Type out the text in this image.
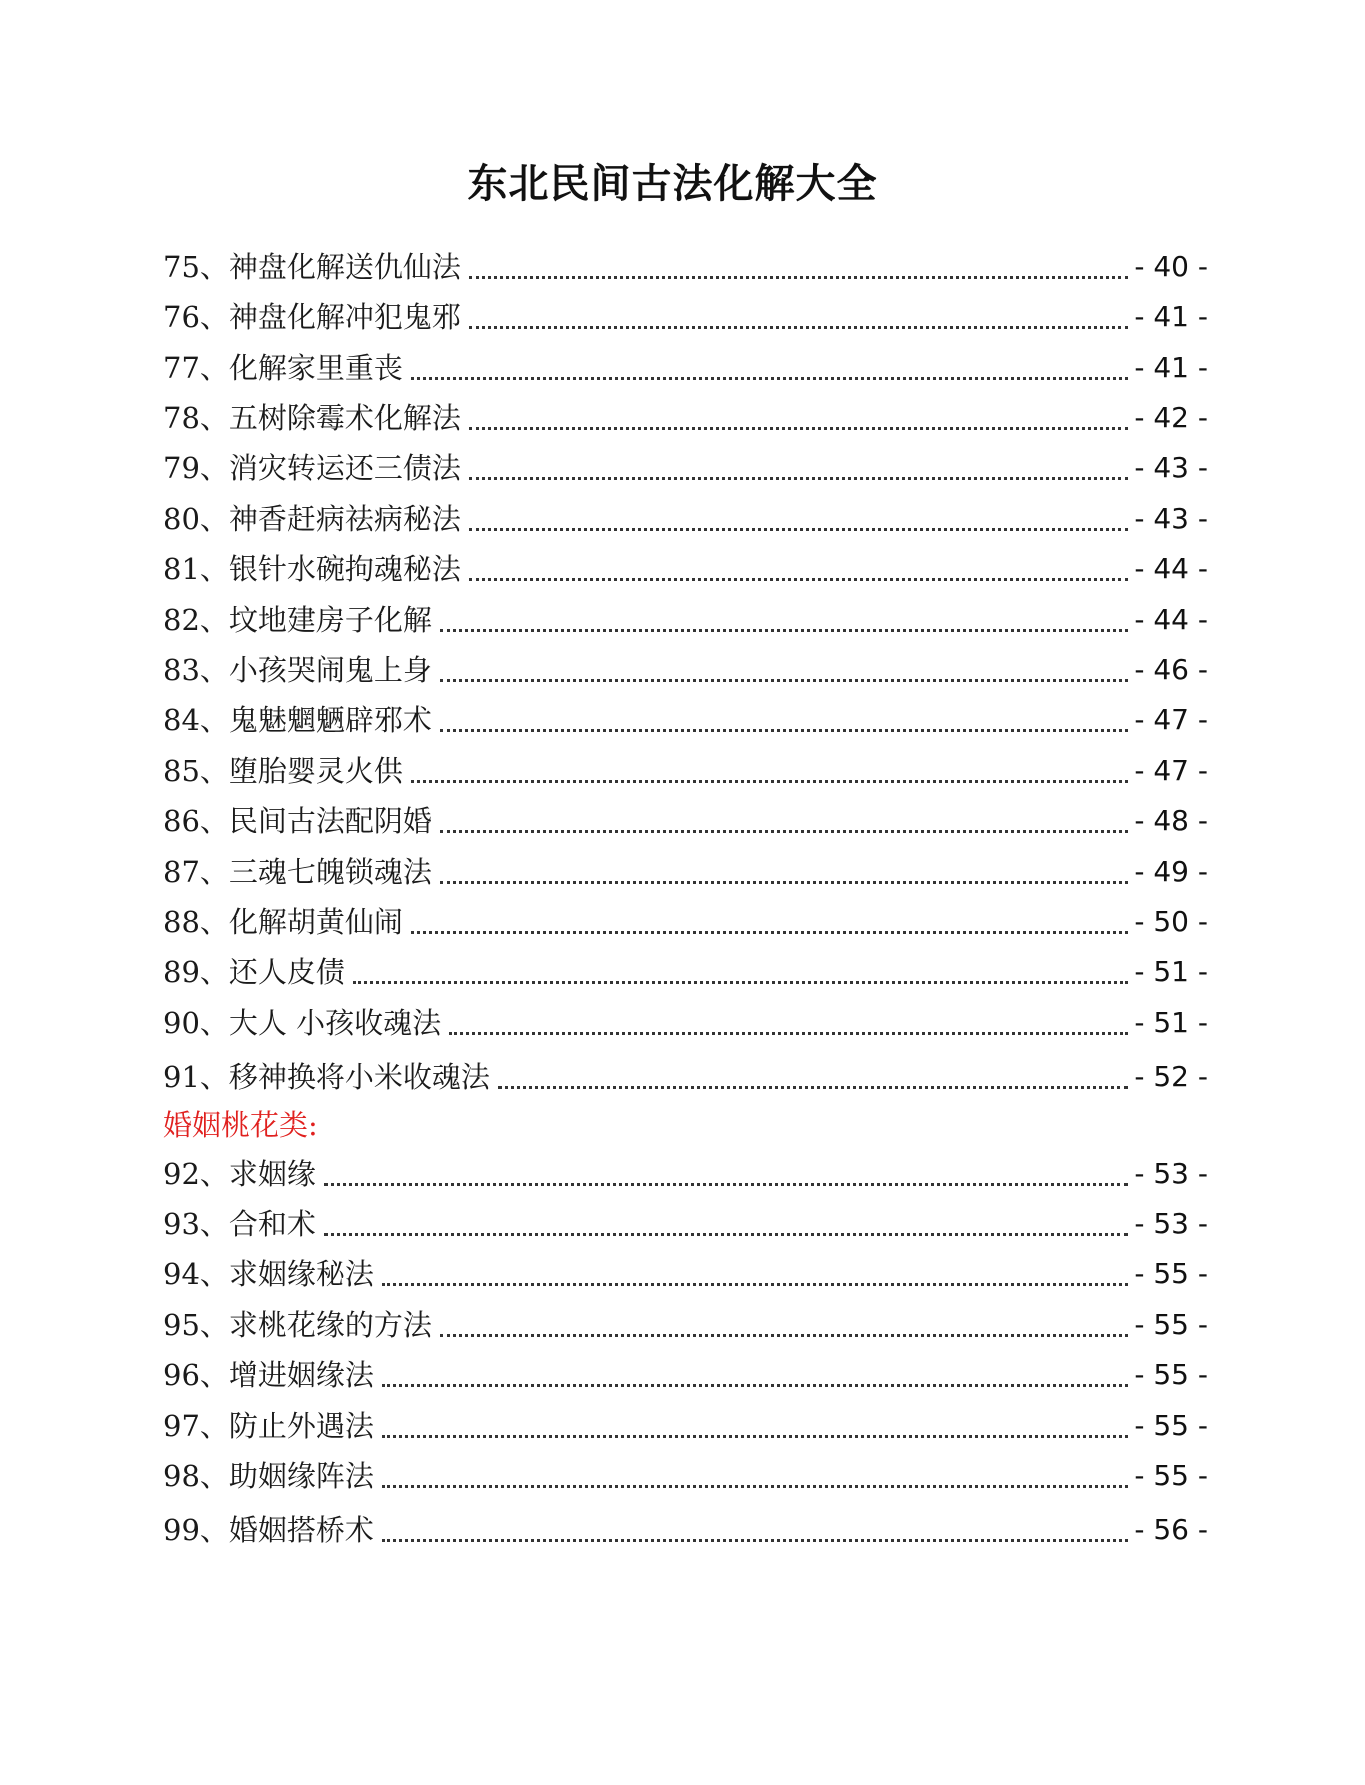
东北民间古法化解大全
75、神盘化解送仇仙法	- 40 -
76、神盘化解冲犯鬼邪	- 41 -
77、化解家里重丧	- 41 -
78、五树除霉术化解法	- 42 -
79、消灾转运还三债法	- 43 -
80、神香赶病祛病秘法	- 43 -
81、银针水碗拘魂秘法	- 44 -
82、坟地建房子化解	- 44 -
83、小孩哭闹鬼上身	- 46 -
84、鬼魅魍魉辟邪术	- 47 -
85、堕胎婴灵火供	- 47 -
86、民间古法配阴婚	- 48 -
87、三魂七魄锁魂法	- 49 -
88、化解胡黄仙闹	- 50 -
89、还人皮债	- 51 -
90、大人 小孩收魂法	- 51 -
91、移神换将小米收魂法	- 52 -
婚姻桃花类:
92、求姻缘	- 53 -
93、合和术	- 53 -
94、求姻缘秘法	- 55 -
95、求桃花缘的方法	- 55 -
96、增进姻缘法	- 55 -
97、防止外遇法	- 55 -
98、助姻缘阵法	- 55 -
99、婚姻搭桥术	- 56 -
